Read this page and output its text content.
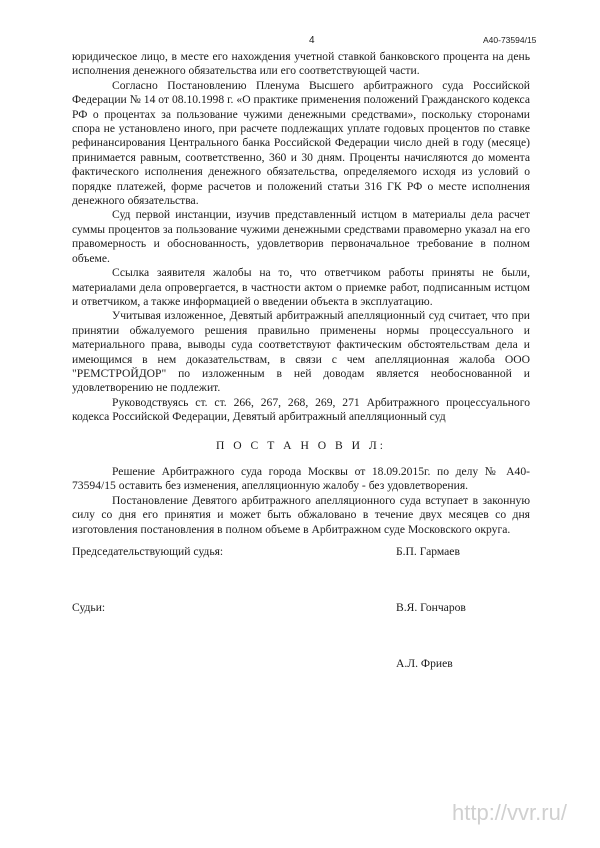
4	А40-73594/15

юридическое лицо, в месте его нахождения учетной ставкой банковского процента на день исполнения денежного обязательства или его соответствующей части.

Согласно Постановлению Пленума Высшего арбитражного суда Российской Федерации № 14 от 08.10.1998 г. «О практике применения положений Гражданского кодекса РФ о процентах за пользование чужими денежными средствами», поскольку сторонами спора не установлено иного, при расчете подлежащих уплате годовых процентов по ставке рефинансирования Центрального банка Российской Федерации число дней в году (месяце) принимается равным, соответственно, 360 и 30 дням. Проценты начисляются до момента фактического исполнения денежного обязательства, определяемого исходя из условий о порядке платежей, форме расчетов и положений статьи 316 ГК РФ о месте исполнения денежного обязательства.

Суд первой инстанции, изучив представленный истцом в материалы дела расчет суммы процентов за пользование чужими денежными средствами правомерно указал на его правомерность и обоснованность, удовлетворив первоначальное требование в полном объеме.

Ссылка заявителя жалобы на то, что ответчиком работы приняты не были, материалами дела опровергается, в частности актом о приемке работ, подписанным истцом и ответчиком, а также информацией о введении объекта в эксплуатацию.

Учитывая изложенное, Девятый арбитражный апелляционный суд считает, что при принятии обжалуемого решения правильно применены нормы процессуального и материального права, выводы суда соответствуют фактическим обстоятельствам дела и имеющимся в нем доказательствам, в связи с чем апелляционная жалоба ООО "РЕМСТРОЙДОР" по изложенным в ней доводам является необоснованной и удовлетворению не подлежит.

Руководствуясь ст. ст. 266, 267, 268, 269, 271 Арбитражного процессуального кодекса Российской Федерации, Девятый арбитражный апелляционный суд

П О С Т А Н О В И Л:

Решение Арбитражного суда города Москвы от 18.09.2015г. по делу № А40-73594/15 оставить без изменения, апелляционную жалобу - без удовлетворения.

Постановление Девятого арбитражного апелляционного суда вступает в законную силу со дня его принятия и может быть обжаловано в течение двух месяцев со дня изготовления постановления в полном объеме в Арбитражном суде Московского округа.

Председательствующий судья:	Б.П. Гармаев
Судьи:	В.Я. Гончаров
А.Л. Фриев
http://vvr.ru/
